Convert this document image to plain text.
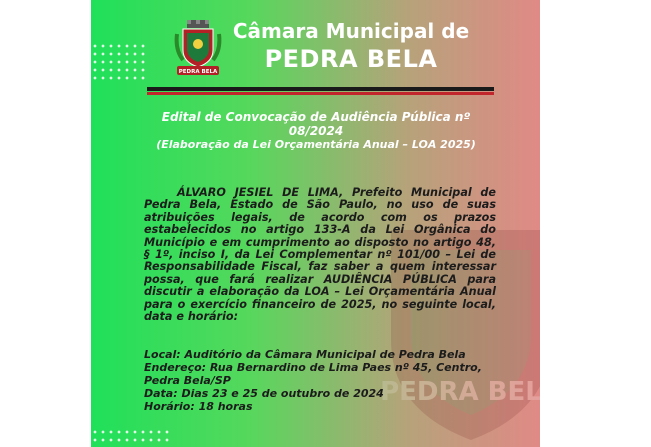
PEDRA BELA
PEDRA BELA
Câmara Municipal de
PEDRA BELA
Edital de Convocação de Audiência Pública nº 08/2024
(Elaboração da Lei Orçamentária Anual – LOA 2025)

ÁLVARO JESIEL DE LIMA, Prefeito Municipal de Pedra Bela, Estado de São Paulo, no uso de suas atribuições legais, de acordo com os prazos estabelecidos no artigo 133-A da Lei Orgânica do Município e em cumprimento ao disposto no artigo 48, § 1º, inciso I, da Lei Complementar nº 101/00 – Lei de Responsabilidade Fiscal, faz saber a quem interessar possa, que fará realizar AUDIÊNCIA PÚBLICA para discutir a elaboração da LOA – Lei Orçamentária Anual para o exercício financeiro de 2025, no seguinte local, data e horário:

Local: Auditório da Câmara Municipal de Pedra Bela
Endereço: Rua Bernardino de Lima Paes nº 45, Centro,
Pedra Bela/SP
Data: Dias 23 e 25 de outubro de 2024
Horário: 18 horas
